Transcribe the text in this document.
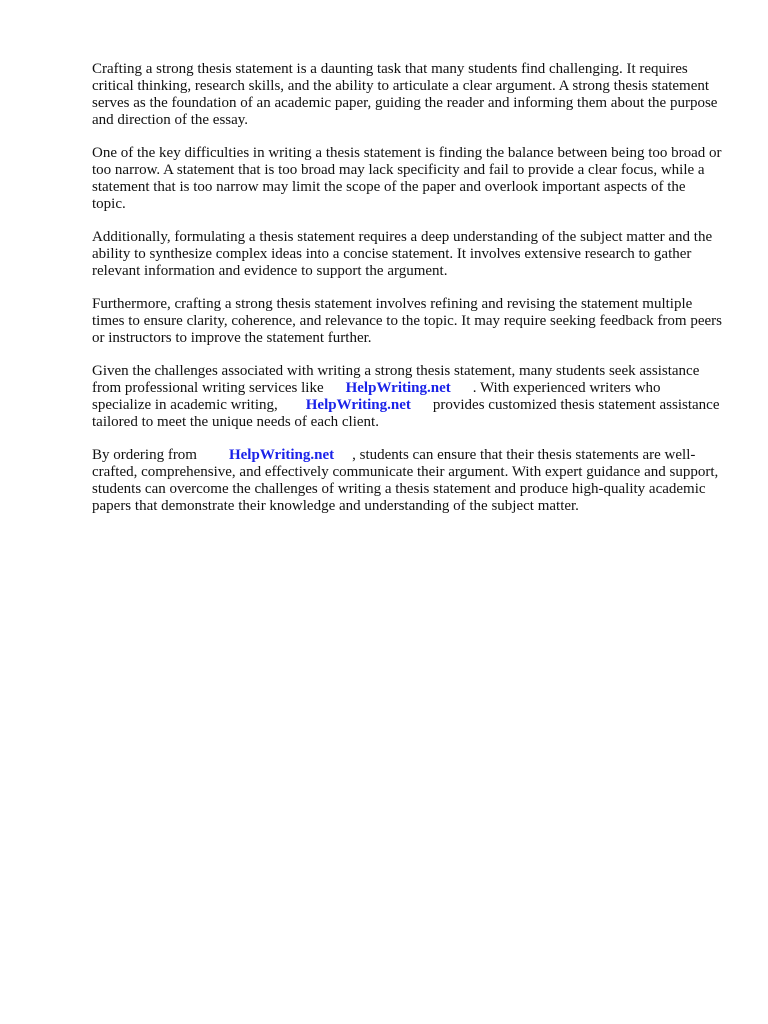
Crafting a strong thesis statement is a daunting task that many students find challenging. It requires critical thinking, research skills, and the ability to articulate a clear argument. A strong thesis statement serves as the foundation of an academic paper, guiding the reader and informing them about the purpose and direction of the essay.

One of the key difficulties in writing a thesis statement is finding the balance between being too broad or too narrow. A statement that is too broad may lack specificity and fail to provide a clear focus, while a statement that is too narrow may limit the scope of the paper and overlook important aspects of the topic.

Additionally, formulating a thesis statement requires a deep understanding of the subject matter and the ability to synthesize complex ideas into a concise statement. It involves extensive research to gather relevant information and evidence to support the argument.

Furthermore, crafting a strong thesis statement involves refining and revising the statement multiple times to ensure clarity, coherence, and relevance to the topic. It may require seeking feedback from peers or instructors to improve the statement further.

Given the challenges associated with writing a strong thesis statement, many students seek assistance from professional writing services like HelpWriting.net . With experienced writers who specialize in academic writing, HelpWriting.net provides customized thesis statement assistance tailored to meet the unique needs of each client.

By ordering from HelpWriting.net , students can ensure that their thesis statements are well-crafted, comprehensive, and effectively communicate their argument. With expert guidance and support, students can overcome the challenges of writing a thesis statement and produce high-quality academic papers that demonstrate their knowledge and understanding of the subject matter.
